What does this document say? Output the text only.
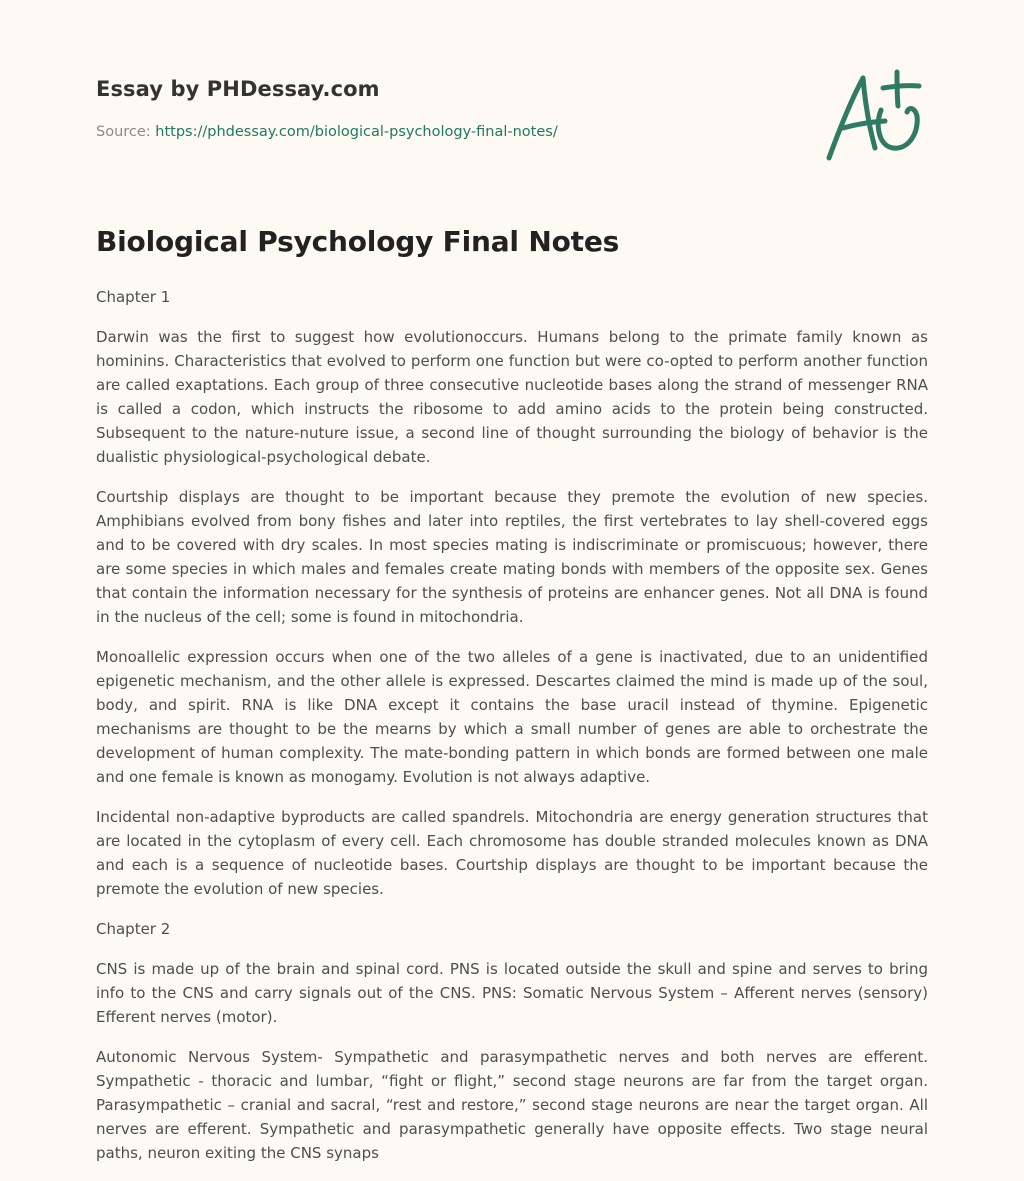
Essay by PHDessay.com
Source: https://phdessay.com/biological-psychology-final-notes/
Biological Psychology Final Notes

Chapter 1

Darwin was the first to suggest how evolutionoccurs. Humans belong to the primate family known as hominins. Characteristics that evolved to perform one function but were co-opted to perform another function are called exaptations. Each group of three consecutive nucleotide bases along the strand of messenger RNA is called a codon, which instructs the ribosome to add amino acids to the protein being constructed. Subsequent to the nature-nuture issue, a second line of thought surrounding the biology of behavior is the dualistic physiological-psychological debate.

Courtship displays are thought to be important because they premote the evolution of new species. Amphibians evolved from bony fishes and later into reptiles, the first vertebrates to lay shell-covered eggs and to be covered with dry scales. In most species mating is indiscriminate or promiscuous; however, there are some species in which males and females create mating bonds with members of the opposite sex. Genes that contain the information necessary for the synthesis of proteins are enhancer genes. Not all DNA is found in the nucleus of the cell; some is found in mitochondria.

Monoallelic expression occurs when one of the two alleles of a gene is inactivated, due to an unidentified epigenetic mechanism, and the other allele is expressed. Descartes claimed the mind is made up of the soul, body, and spirit. RNA is like DNA except it contains the base uracil instead of thymine. Epigenetic mechanisms are thought to be the mearns by which a small number of genes are able to orchestrate the development of human complexity. The mate-bonding pattern in which bonds are formed between one male and one female is known as monogamy. Evolution is not always adaptive.

Incidental non-adaptive byproducts are called spandrels. Mitochondria are energy generation structures that are located in the cytoplasm of every cell. Each chromosome has double stranded molecules known as DNA and each is a sequence of nucleotide bases. Courtship displays are thought to be important because the premote the evolution of new species.

Chapter 2

CNS is made up of the brain and spinal cord. PNS is located outside the skull and spine and serves to bring info to the CNS and carry signals out of the CNS. PNS: Somatic Nervous System – Afferent nerves (sensory) Efferent nerves (motor).

Autonomic Nervous System- Sympathetic and parasympathetic nerves and both nerves are efferent. Sympathetic - thoracic and lumbar, “fight or flight,” second stage neurons are far from the target organ. Parasympathetic – cranial and sacral, “rest and restore,” second stage neurons are near the target organ. All nerves are efferent. Sympathetic and parasympathetic generally have opposite effects. Two stage neural paths, neuron exiting the CNS synaps
